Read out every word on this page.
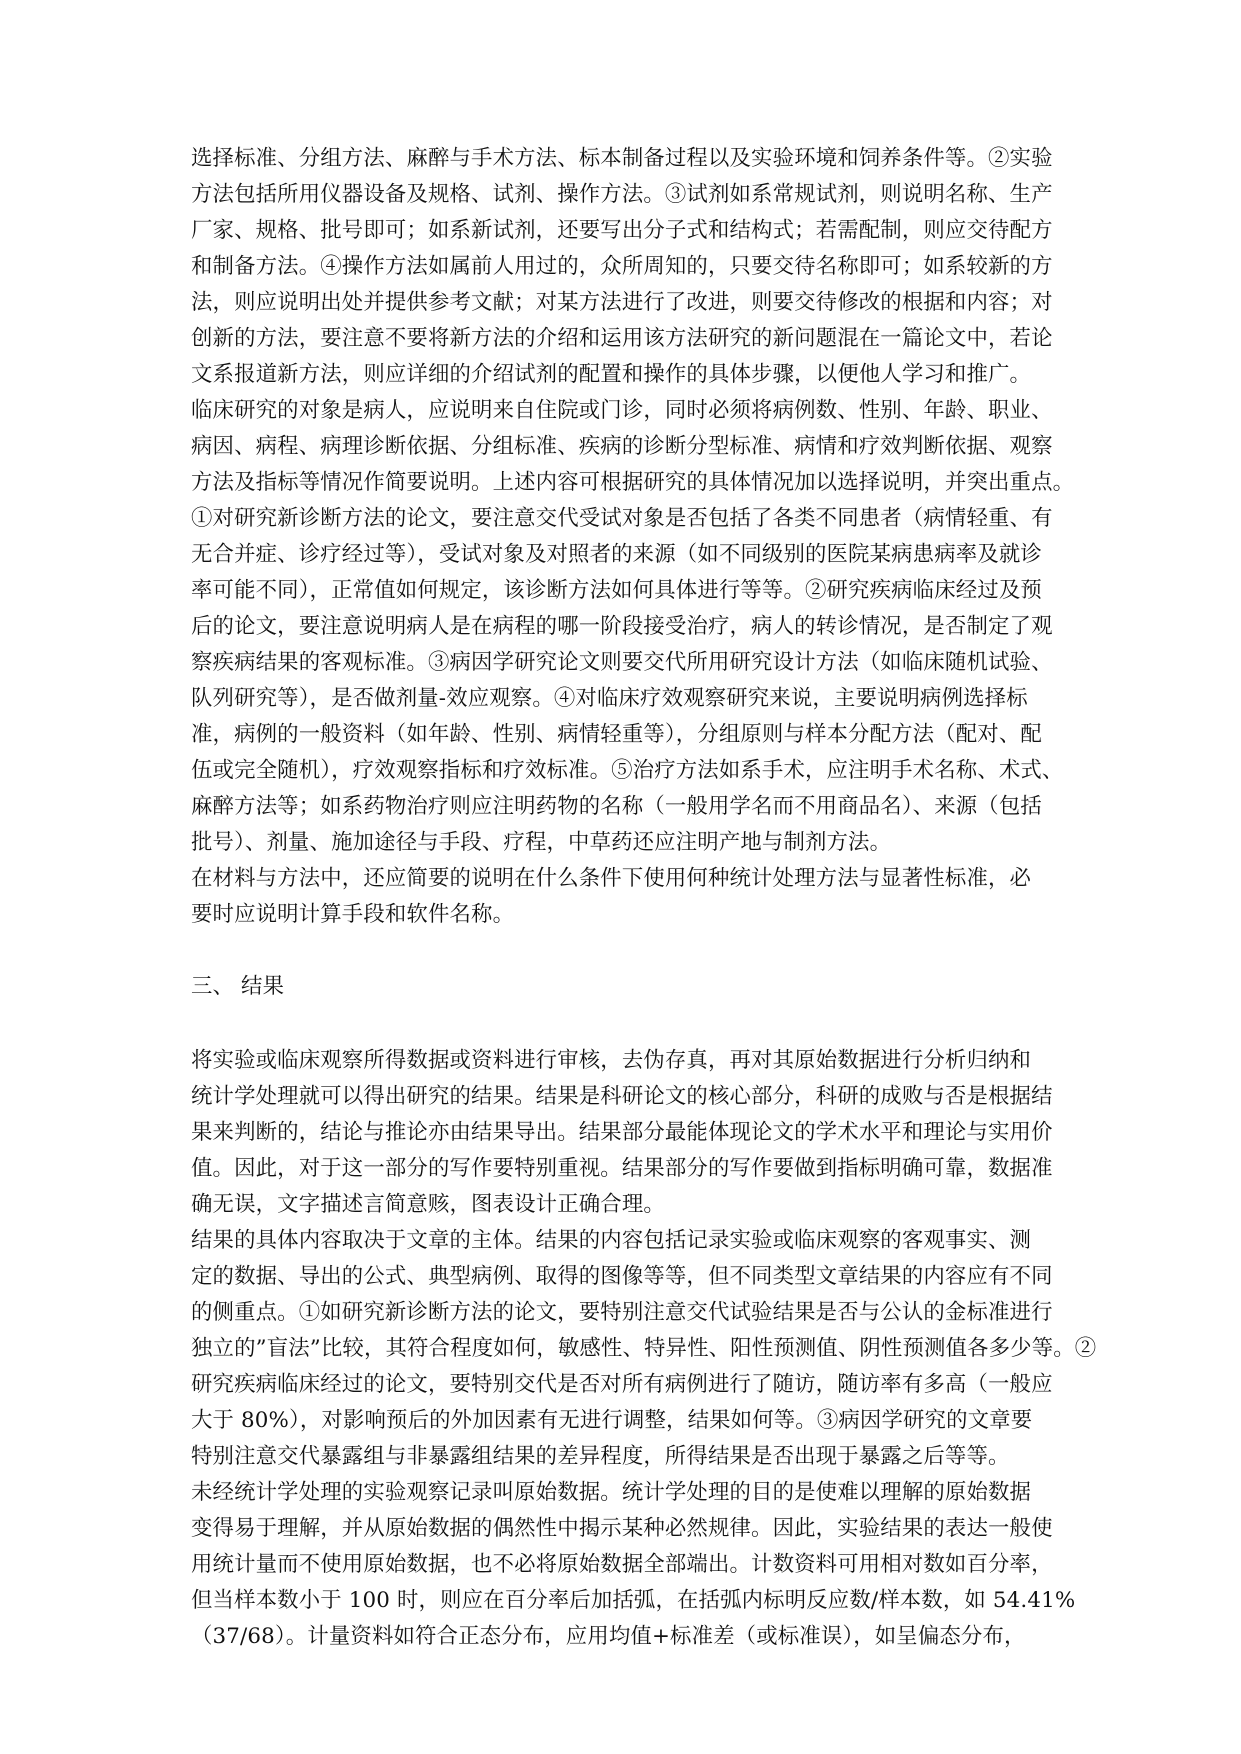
选择标准、分组方法、麻醉与手术方法、标本制备过程以及实验环境和饲养条件等。②实验
方法包括所用仪器设备及规格、试剂、操作方法。③试剂如系常规试剂，则说明名称、生产
厂家、规格、批号即可；如系新试剂，还要写出分子式和结构式；若需配制，则应交待配方
和制备方法。④操作方法如属前人用过的，众所周知的，只要交待名称即可；如系较新的方
法，则应说明出处并提供参考文献；对某方法进行了改进，则要交待修改的根据和内容；对
创新的方法，要注意不要将新方法的介绍和运用该方法研究的新问题混在一篇论文中，若论
文系报道新方法，则应详细的介绍试剂的配置和操作的具体步骤，以便他人学习和推广。
临床研究的对象是病人，应说明来自住院或门诊，同时必须将病例数、性别、年龄、职业、
病因、病程、病理诊断依据、分组标准、疾病的诊断分型标准、病情和疗效判断依据、观察
方法及指标等情况作简要说明。上述内容可根据研究的具体情况加以选择说明，并突出重点。
①对研究新诊断方法的论文，要注意交代受试对象是否包括了各类不同患者（病情轻重、有
无合并症、诊疗经过等），受试对象及对照者的来源（如不同级别的医院某病患病率及就诊
率可能不同），正常值如何规定，该诊断方法如何具体进行等等。②研究疾病临床经过及预
后的论文，要注意说明病人是在病程的哪一阶段接受治疗，病人的转诊情况，是否制定了观
察疾病结果的客观标准。③病因学研究论文则要交代所用研究设计方法（如临床随机试验、
队列研究等），是否做剂量-效应观察。④对临床疗效观察研究来说，主要说明病例选择标
准，病例的一般资料（如年龄、性别、病情轻重等），分组原则与样本分配方法（配对、配
伍或完全随机），疗效观察指标和疗效标准。⑤治疗方法如系手术，应注明手术名称、术式、
麻醉方法等；如系药物治疗则应注明药物的名称（一般用学名而不用商品名）、来源（包括
批号）、剂量、施加途径与手段、疗程，中草药还应注明产地与制剂方法。
在材料与方法中，还应简要的说明在什么条件下使用何种统计处理方法与显著性标准，必
要时应说明计算手段和软件名称。
三、 结果
将实验或临床观察所得数据或资料进行审核，去伪存真，再对其原始数据进行分析归纳和
统计学处理就可以得出研究的结果。结果是科研论文的核心部分，科研的成败与否是根据结
果来判断的，结论与推论亦由结果导出。结果部分最能体现论文的学术水平和理论与实用价
值。因此，对于这一部分的写作要特别重视。结果部分的写作要做到指标明确可靠，数据准
确无误，文字描述言简意赅，图表设计正确合理。
结果的具体内容取决于文章的主体。结果的内容包括记录实验或临床观察的客观事实、测
定的数据、导出的公式、典型病例、取得的图像等等，但不同类型文章结果的内容应有不同
的侧重点。①如研究新诊断方法的论文，要特别注意交代试验结果是否与公认的金标准进行
独立的”盲法”比较，其符合程度如何，敏感性、特异性、阳性预测值、阴性预测值各多少等。②
研究疾病临床经过的论文，要特别交代是否对所有病例进行了随访，随访率有多高（一般应
大于 80%），对影响预后的外加因素有无进行调整，结果如何等。③病因学研究的文章要
特别注意交代暴露组与非暴露组结果的差异程度，所得结果是否出现于暴露之后等等。
未经统计学处理的实验观察记录叫原始数据。统计学处理的目的是使难以理解的原始数据
变得易于理解，并从原始数据的偶然性中揭示某种必然规律。因此，实验结果的表达一般使
用统计量而不使用原始数据，也不必将原始数据全部端出。计数资料可用相对数如百分率，
但当样本数小于 100 时，则应在百分率后加括弧，在括弧内标明反应数/样本数，如 54.41%
（37/68）。计量资料如符合正态分布，应用均值+标准差（或标准误），如呈偏态分布，
